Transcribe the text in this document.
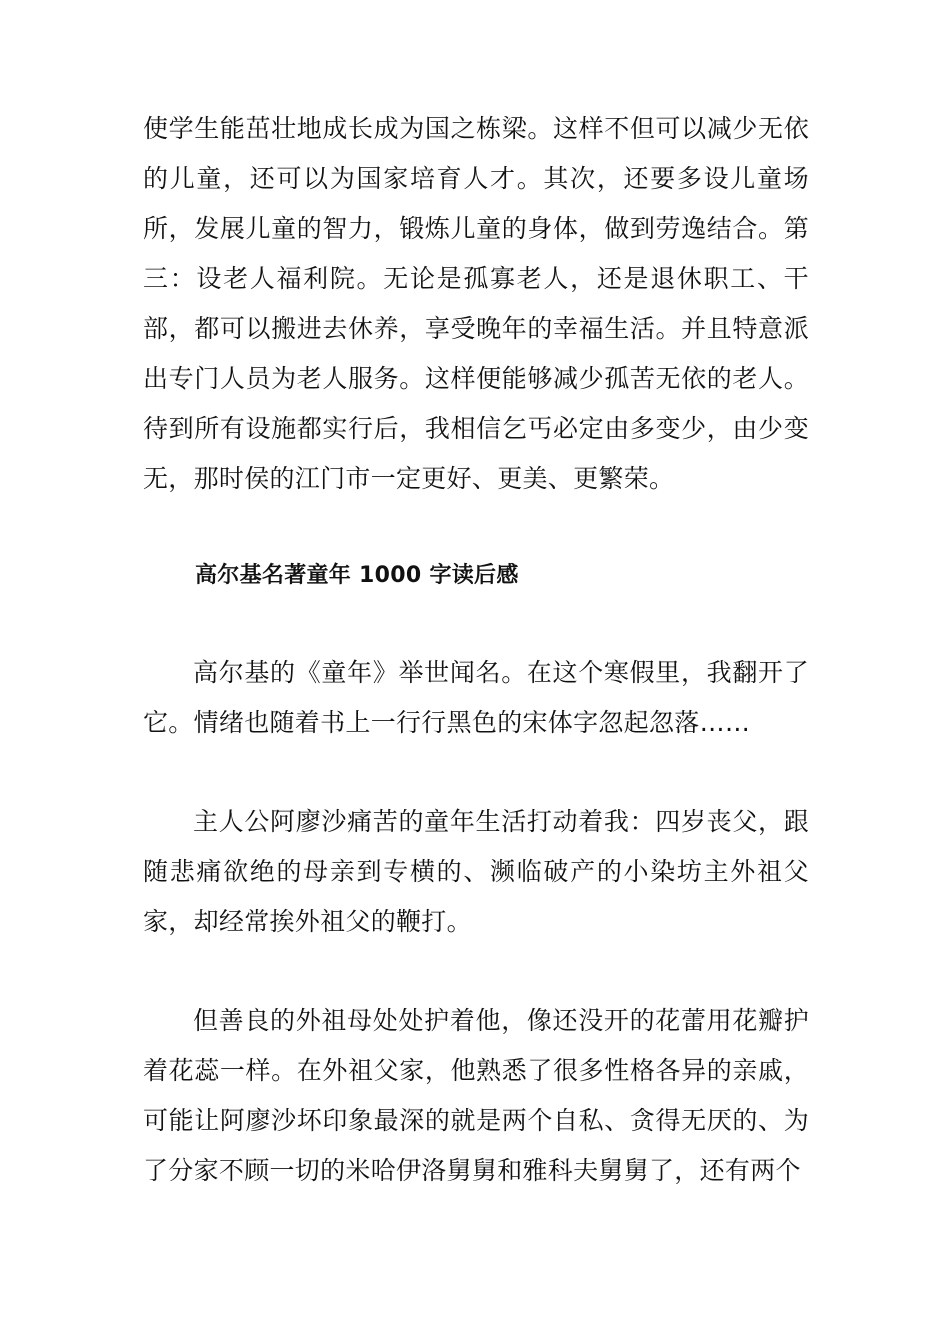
使学生能茁壮地成长成为国之栋梁。这样不但可以减少无依的儿童，还可以为国家培育人才。其次，还要多设儿童场所，发展儿童的智力，锻炼儿童的身体，做到劳逸结合。第三：设老人福利院。无论是孤寡老人，还是退休职工、干部，都可以搬进去休养，享受晚年的幸福生活。并且特意派出专门人员为老人服务。这样便能够减少孤苦无依的老人。待到所有设施都实行后，我相信乞丐必定由多变少，由少变无，那时侯的江门市一定更好、更美、更繁荣。

高尔基名著童年 1000 字读后感

高尔基的《童年》举世闻名。在这个寒假里，我翻开了它。情绪也随着书上一行行黑色的宋体字忽起忽落……

主人公阿廖沙痛苦的童年生活打动着我：四岁丧父，跟随悲痛欲绝的母亲到专横的、濒临破产的小染坊主外祖父家，却经常挨外祖父的鞭打。

但善良的外祖母处处护着他，像还没开的花蕾用花瓣护着花蕊一样。在外祖父家，他熟悉了很多性格各异的亲戚，可能让阿廖沙坏印象最深的就是两个自私、贪得无厌的、为了分家不顾一切的米哈伊洛舅舅和雅科夫舅舅了，还有两个
